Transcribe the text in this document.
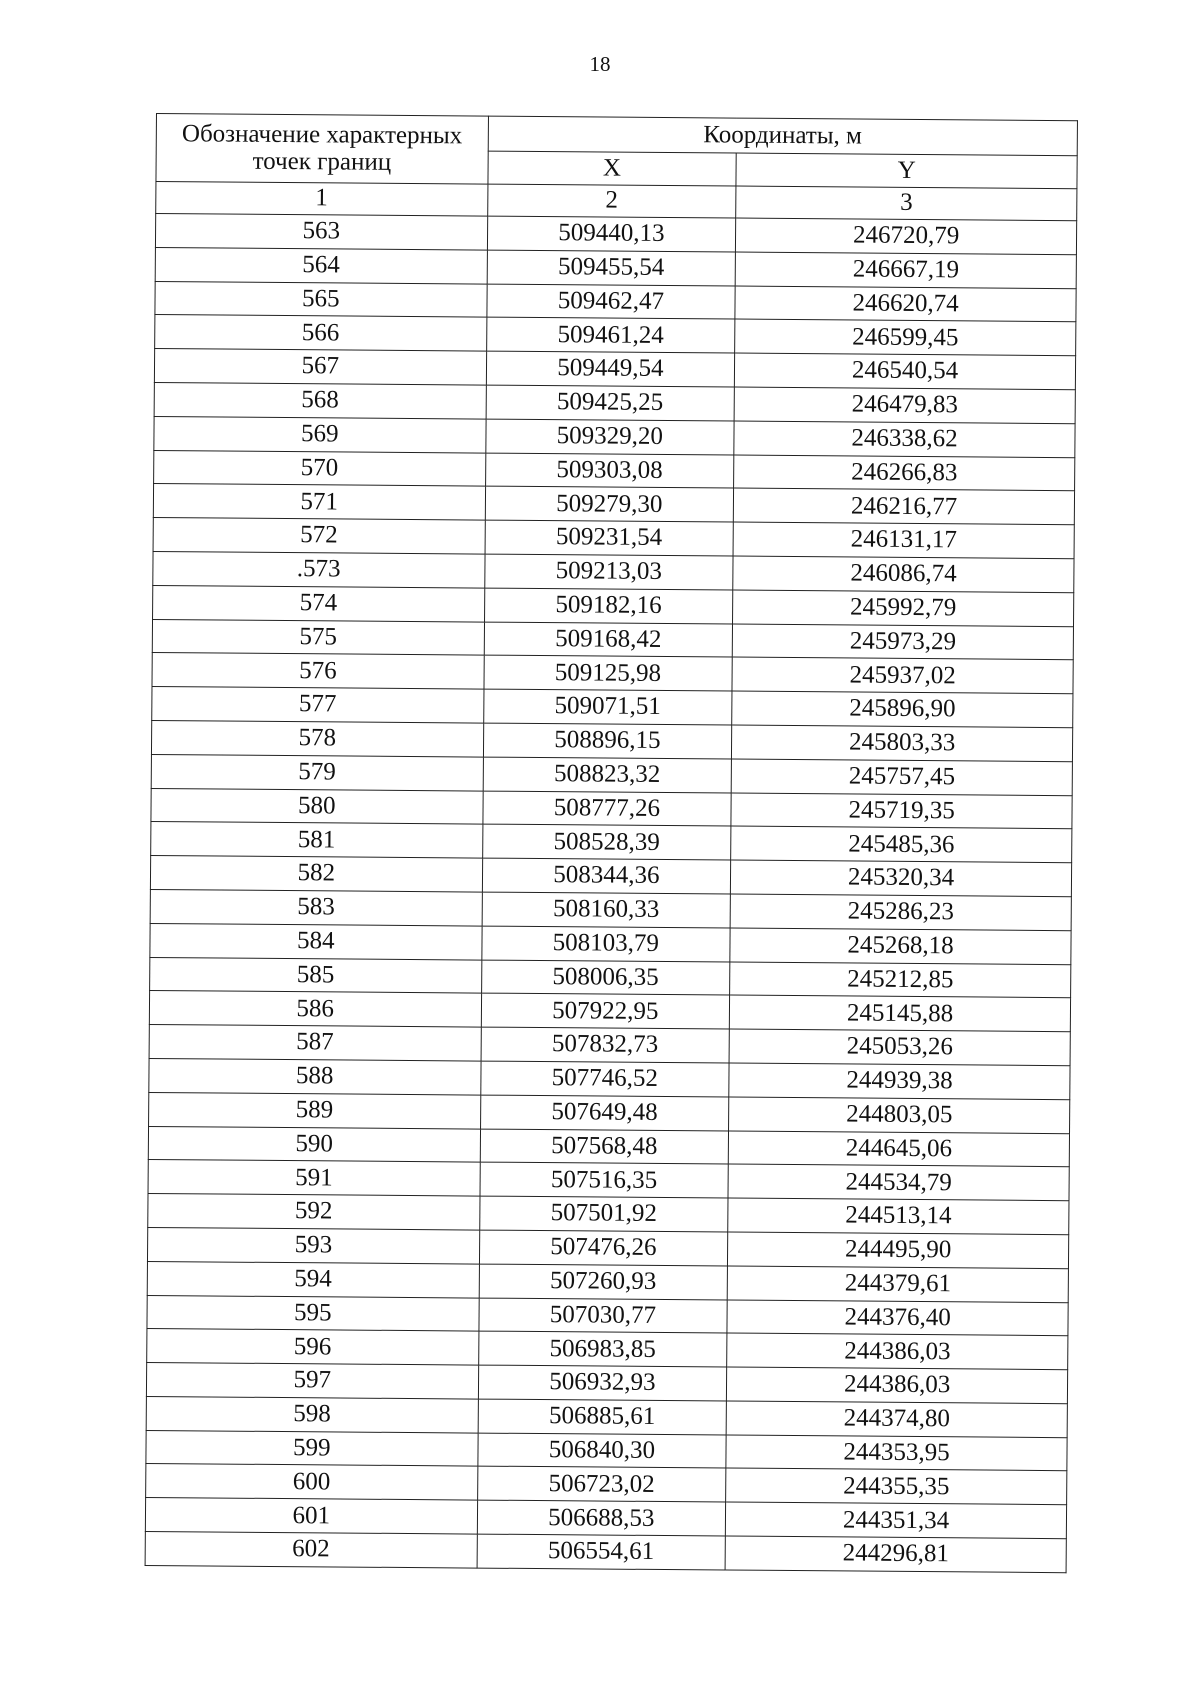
18
Обозначение характерных точек границ	Координаты, м	
	X	Y
1	2	3
563	509440,13	246720,79
564	509455,54	246667,19
565	509462,47	246620,74
566	509461,24	246599,45
567	509449,54	246540,54
568	509425,25	246479,83
569	509329,20	246338,62
570	509303,08	246266,83
571	509279,30	246216,77
572	509231,54	246131,17
.573	509213,03	246086,74
574	509182,16	245992,79
575	509168,42	245973,29
576	509125,98	245937,02
577	509071,51	245896,90
578	508896,15	245803,33
579	508823,32	245757,45
580	508777,26	245719,35
581	508528,39	245485,36
582	508344,36	245320,34
583	508160,33	245286,23
584	508103,79	245268,18
585	508006,35	245212,85
586	507922,95	245145,88
587	507832,73	245053,26
588	507746,52	244939,38
589	507649,48	244803,05
590	507568,48	244645,06
591	507516,35	244534,79
592	507501,92	244513,14
593	507476,26	244495,90
594	507260,93	244379,61
595	507030,77	244376,40
596	506983,85	244386,03
597	506932,93	244386,03
598	506885,61	244374,80
599	506840,30	244353,95
600	506723,02	244355,35
601	506688,53	244351,34
602	506554,61	244296,81
